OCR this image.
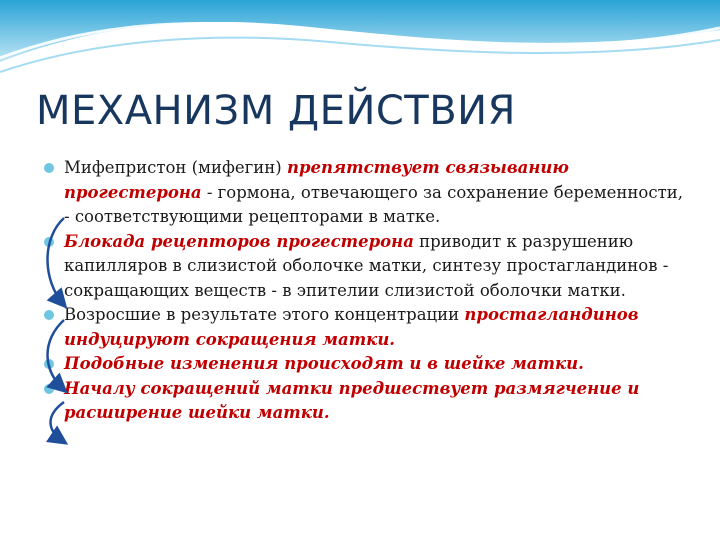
МЕХАНИЗМ ДЕЙСТВИЯ
Мифепристон (мифегин) препятствует связыванию прогестерона - гормона, отвечающего за сохранение беременности, - соответствующими рецепторами в матке.
Блокада рецепторов прогестерона приводит к разрушению капилляров в слизистой оболочке матки, синтезу простагландинов - сокращающих веществ - в эпителии слизистой оболочки матки.
Возросшие в результате этого концентрации простагландинов индуцируют сокращения матки.
Подобные изменения происходят и в шейке матки.
Началу сокращений матки предшествует размягчение и расширение шейки матки.
